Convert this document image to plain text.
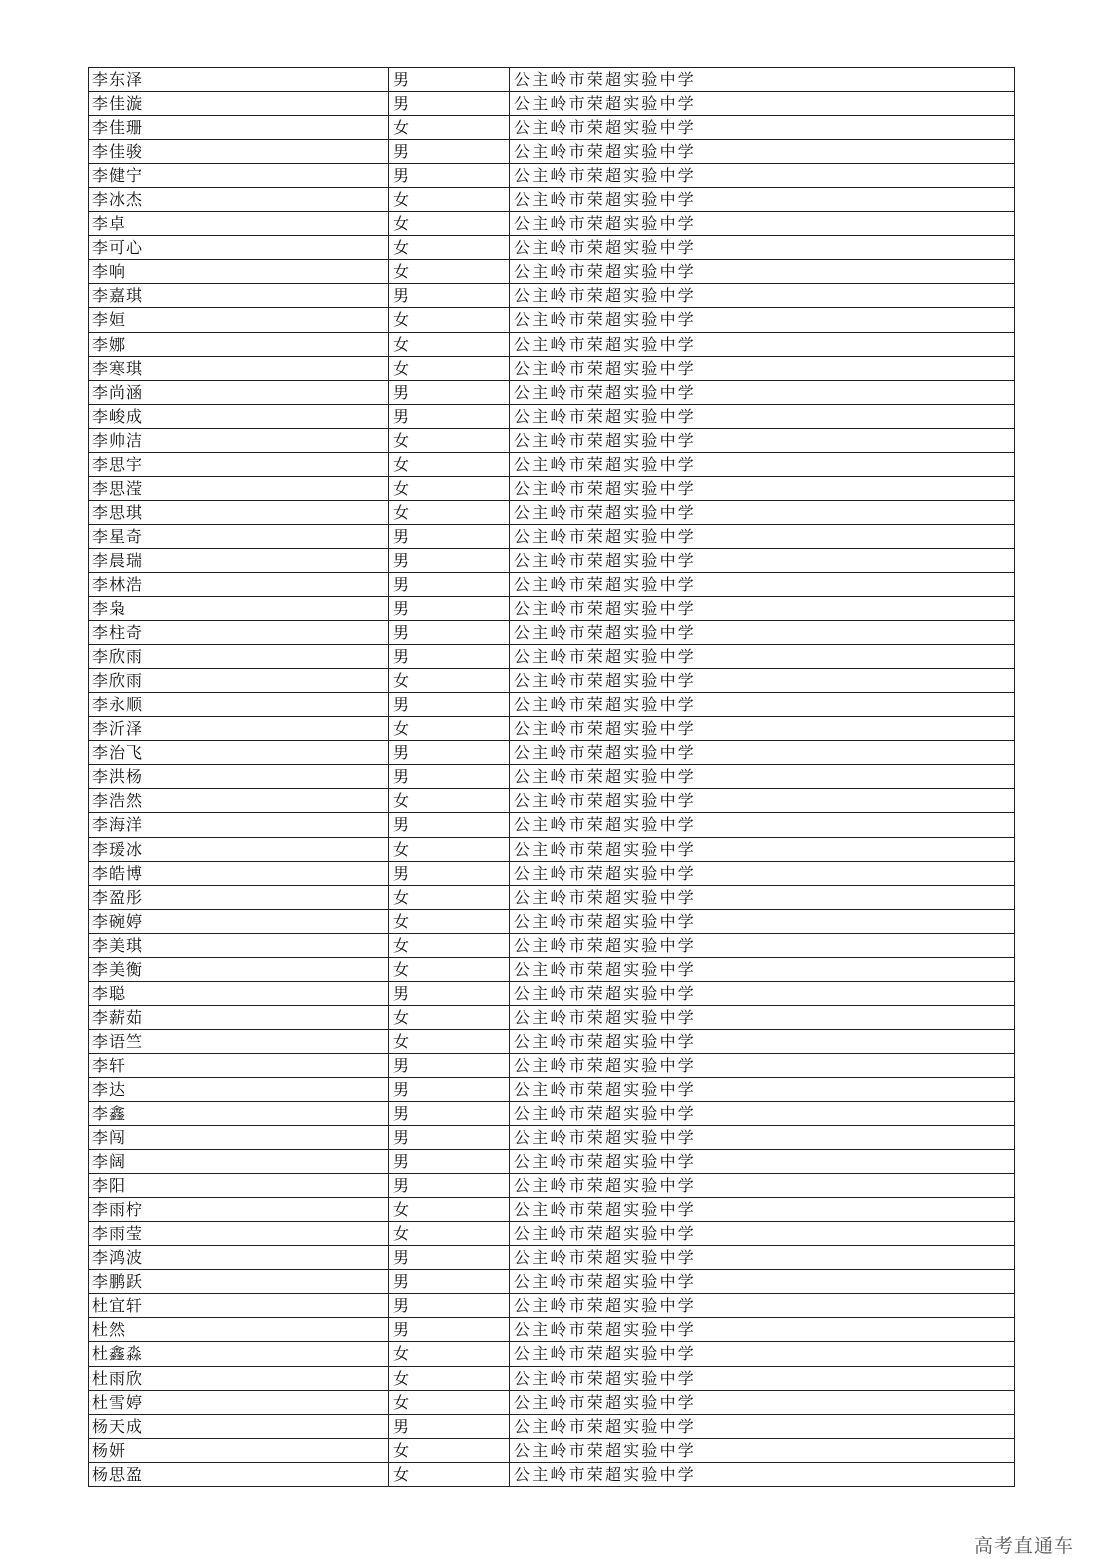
李东泽	男	公主岭市荣超实验中学
李佳漩	男	公主岭市荣超实验中学
李佳珊	女	公主岭市荣超实验中学
李佳骏	男	公主岭市荣超实验中学
李健宁	男	公主岭市荣超实验中学
李冰杰	女	公主岭市荣超实验中学
李卓	女	公主岭市荣超实验中学
李可心	女	公主岭市荣超实验中学
李响	女	公主岭市荣超实验中学
李嘉琪	男	公主岭市荣超实验中学
李姮	女	公主岭市荣超实验中学
李娜	女	公主岭市荣超实验中学
李寒琪	女	公主岭市荣超实验中学
李尚涵	男	公主岭市荣超实验中学
李峻成	男	公主岭市荣超实验中学
李帅洁	女	公主岭市荣超实验中学
李思宇	女	公主岭市荣超实验中学
李思滢	女	公主岭市荣超实验中学
李思琪	女	公主岭市荣超实验中学
李星奇	男	公主岭市荣超实验中学
李晨瑞	男	公主岭市荣超实验中学
李林浩	男	公主岭市荣超实验中学
李枭	男	公主岭市荣超实验中学
李柱奇	男	公主岭市荣超实验中学
李欣雨	男	公主岭市荣超实验中学
李欣雨	女	公主岭市荣超实验中学
李永顺	男	公主岭市荣超实验中学
李沂泽	女	公主岭市荣超实验中学
李治飞	男	公主岭市荣超实验中学
李洪杨	男	公主岭市荣超实验中学
李浩然	女	公主岭市荣超实验中学
李海洋	男	公主岭市荣超实验中学
李瑗冰	女	公主岭市荣超实验中学
李皓博	男	公主岭市荣超实验中学
李盈彤	女	公主岭市荣超实验中学
李碗婷	女	公主岭市荣超实验中学
李美琪	女	公主岭市荣超实验中学
李美衡	女	公主岭市荣超实验中学
李聪	男	公主岭市荣超实验中学
李薪茹	女	公主岭市荣超实验中学
李语竺	女	公主岭市荣超实验中学
李轩	男	公主岭市荣超实验中学
李达	男	公主岭市荣超实验中学
李鑫	男	公主岭市荣超实验中学
李闯	男	公主岭市荣超实验中学
李阔	男	公主岭市荣超实验中学
李阳	男	公主岭市荣超实验中学
李雨柠	女	公主岭市荣超实验中学
李雨莹	女	公主岭市荣超实验中学
李鸿波	男	公主岭市荣超实验中学
李鹏跃	男	公主岭市荣超实验中学
杜宜轩	男	公主岭市荣超实验中学
杜然	男	公主岭市荣超实验中学
杜鑫淼	女	公主岭市荣超实验中学
杜雨欣	女	公主岭市荣超实验中学
杜雪婷	女	公主岭市荣超实验中学
杨天成	男	公主岭市荣超实验中学
杨妍	女	公主岭市荣超实验中学
杨思盈	女	公主岭市荣超实验中学
高考直通车
